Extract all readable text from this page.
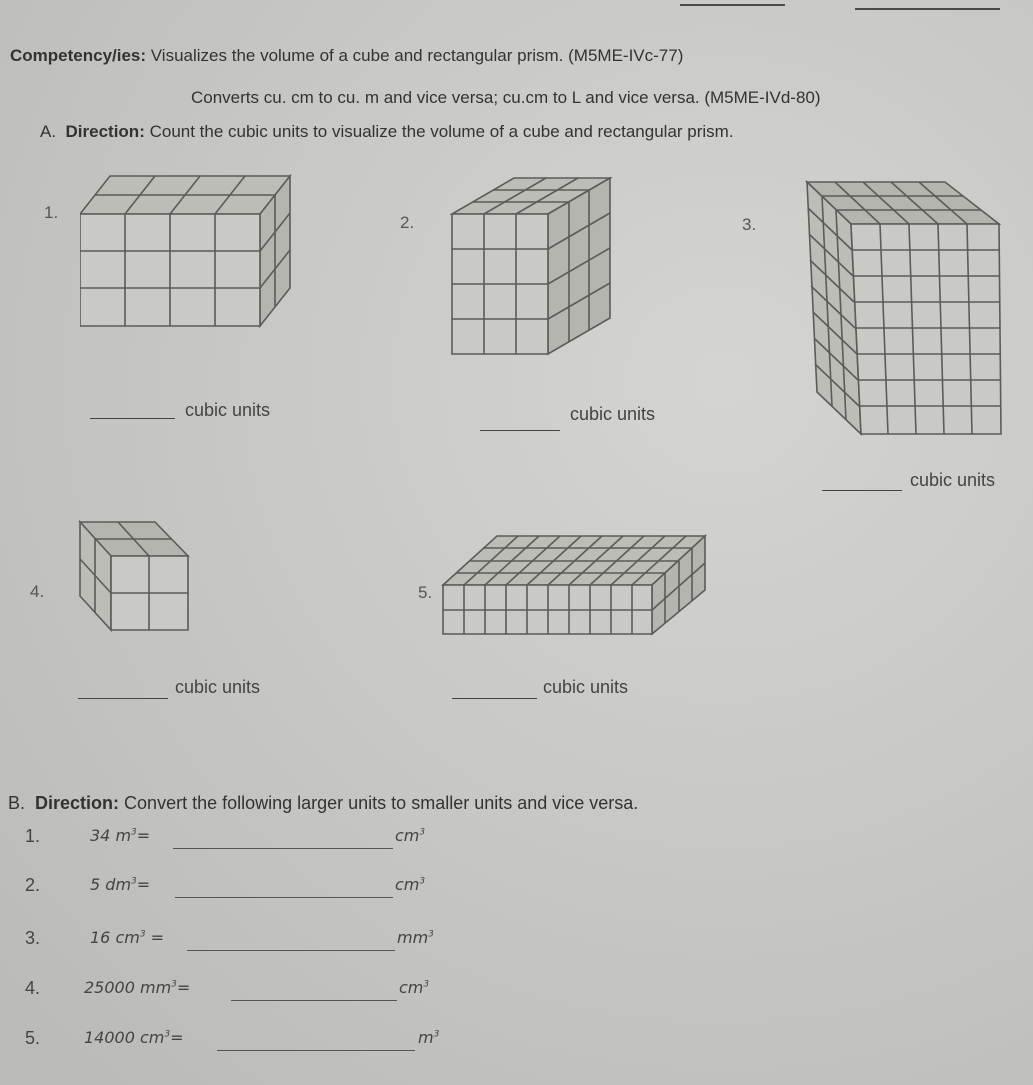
Competency/ies: Visualizes the volume of a cube and rectangular prism. (M5ME-IVc-77)
Converts cu. cm to cu. m and vice versa; cu.cm to L and vice versa. (M5ME-IVd-80)
A. Direction: Count the cubic units to visualize the volume of a cube and rectangular prism.
1.
cubic units
2.
cubic units
3.
cubic units
4.
cubic units
5.
cubic units
B. Direction: Convert the following larger units to smaller units and vice versa.
1.	34 $m^3=$	$cm^3$
2.	5 $dm^3=$	$cm^3$
3.	16 $cm^3$ =	$mm^3$
4.	25000 $mm^3=$	$cm^3$
5.	14000 $cm^3=$	$m^3$
